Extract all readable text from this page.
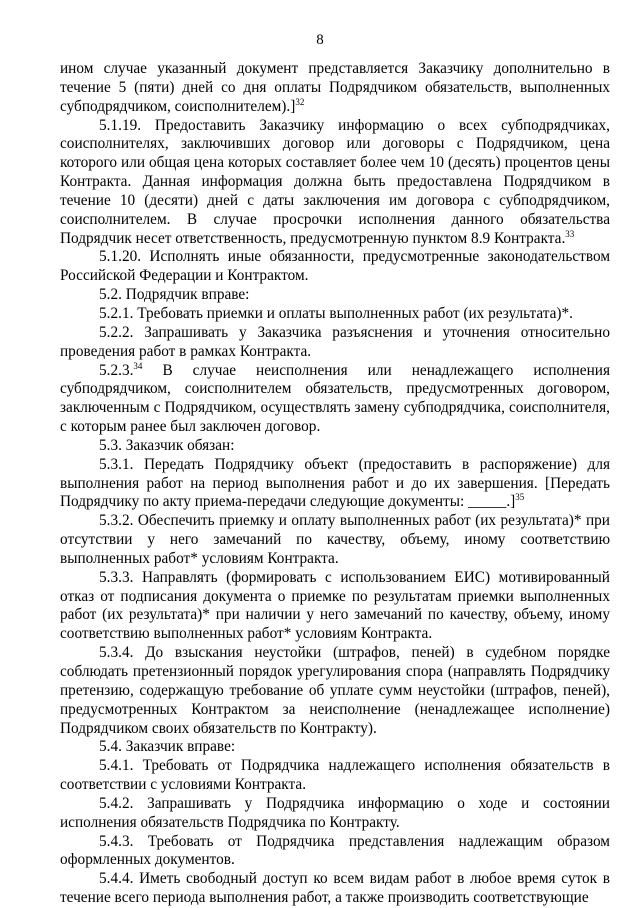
8

ином случае указанный документ представляется Заказчику дополнительно в течение 5 (пяти) дней со дня оплаты Подрядчиком обязательств, выполненных субподрядчиком, соисполнителем).]$^{32}$

5.1.19. Предоставить Заказчику информацию о всех субподрядчиках, соисполнителях, заключивших договор или договоры с Подрядчиком, цена которого или общая цена которых составляет более чем 10 (десять) процентов цены Контракта. Данная информация должна быть предоставлена Подрядчиком в течение 10 (десяти) дней с даты заключения им договора с субподрядчиком, соисполнителем. В случае просрочки исполнения данного обязательства Подрядчик несет ответственность, предусмотренную пунктом 8.9 Контракта.$^{33}$

5.1.20. Исполнять иные обязанности, предусмотренные законодательством Российской Федерации и Контрактом.

5.2. Подрядчик вправе:

5.2.1. Требовать приемки и оплаты выполненных работ (их результата)*.

5.2.2. Запрашивать у Заказчика разъяснения и уточнения относительно проведения работ в рамках Контракта.

5.2.3.34 В случае неисполнения или ненадлежащего исполнения субподрядчиком, соисполнителем обязательств, предусмотренных договором, заключенным с Подрядчиком, осуществлять замену субподрядчика, соисполнителя, с которым ранее был заключен договор.

5.3. Заказчик обязан:

5.3.1. Передать Подрядчику объект (предоставить в распоряжение) для выполнения работ на период выполнения работ и до их завершения. [Передать Подрядчику по акту приема-передачи следующие документы: _____.]$^{35}$

5.3.2. Обеспечить приемку и оплату выполненных работ (их результата)* при отсутствии у него замечаний по качеству, объему, иному соответствию выполненных работ* условиям Контракта.

5.3.3. Направлять (формировать с использованием ЕИС) мотивированный отказ от подписания документа о приемке по результатам приемки выполненных работ (их результата)* при наличии у него замечаний по качеству, объему, иному соответствию выполненных работ* условиям Контракта.

5.3.4. До взыскания неустойки (штрафов, пеней) в судебном порядке соблюдать претензионный порядок урегулирования спора (направлять Подрядчику претензию, содержащую требование об уплате сумм неустойки (штрафов, пеней), предусмотренных Контрактом за неисполнение (ненадлежащее исполнение) Подрядчиком своих обязательств по Контракту).

5.4. Заказчик вправе:

5.4.1. Требовать от Подрядчика надлежащего исполнения обязательств в соответствии с условиями Контракта.

5.4.2. Запрашивать у Подрядчика информацию о ходе и состоянии исполнения обязательств Подрядчика по Контракту.

5.4.3. Требовать от Подрядчика представления надлежащим образом оформленных документов.

5.4.4. Иметь свободный доступ ко всем видам работ в любое время суток в течение всего периода выполнения работ, а также производить соответствующие
